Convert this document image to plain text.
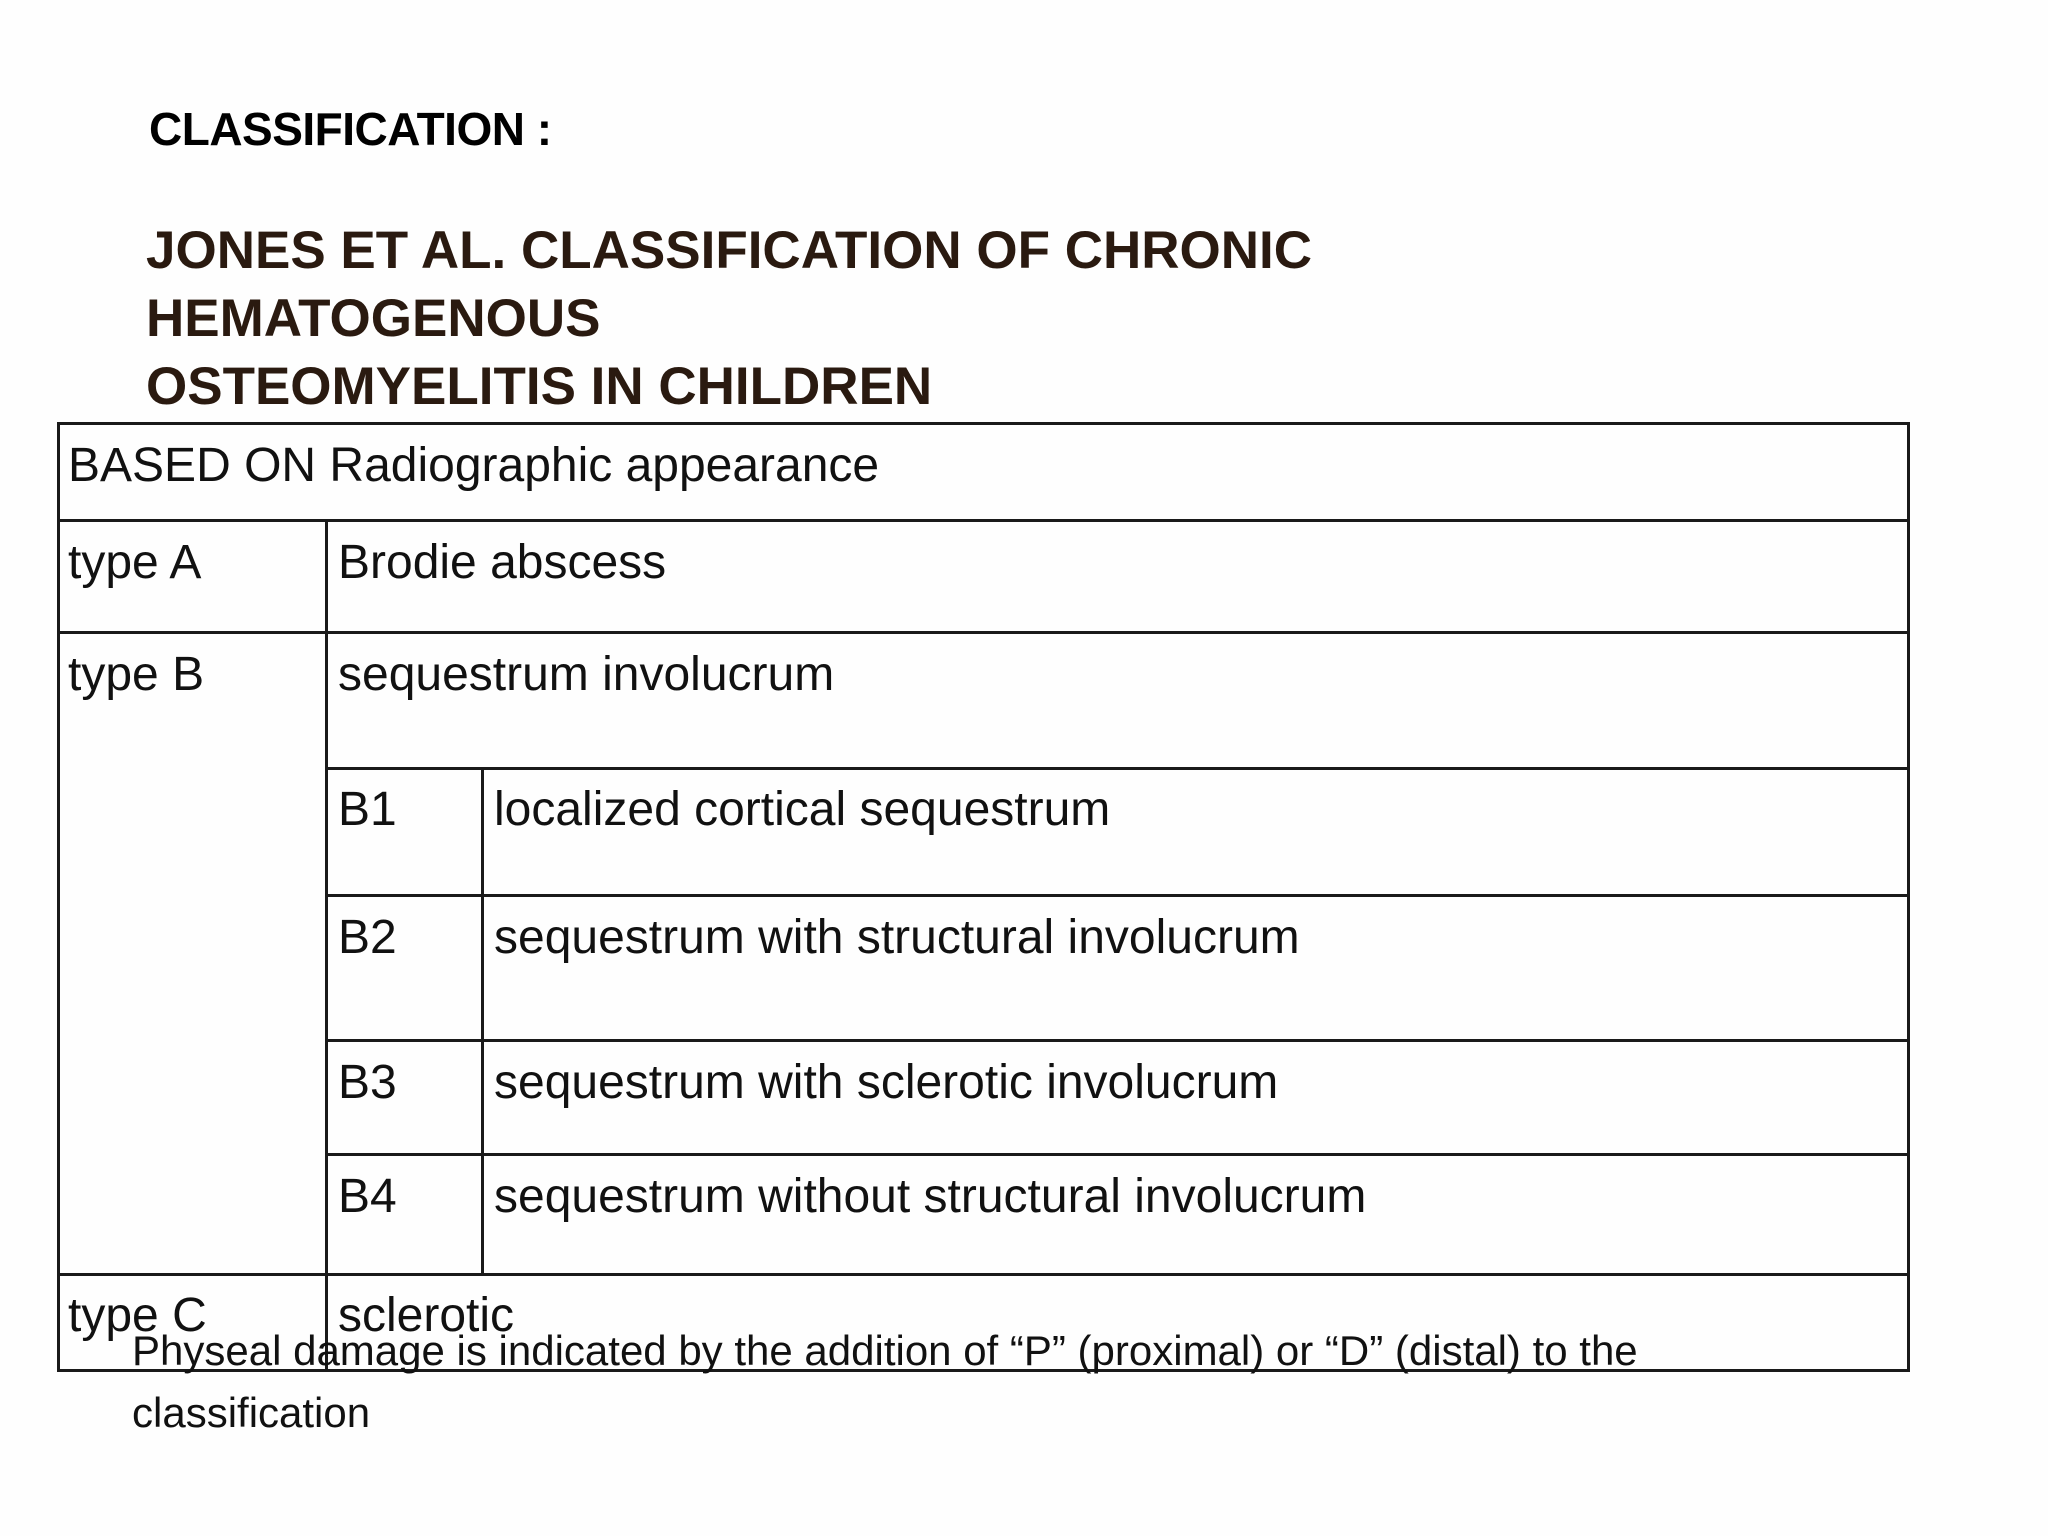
CLASSIFICATION :
JONES ET AL. CLASSIFICATION OF CHRONIC
HEMATOGENOUS
OSTEOMYELITIS IN CHILDREN
BASED ON Radiographic appearance
type A	Brodie abscess
type B	sequestrum involucrum
B1 localized cortical sequestrum
B2 sequestrum with structural involucrum
B3 sequestrum with sclerotic involucrum
B4 sequestrum without structural involucrum
type C	sclerotic

Physeal damage is indicated by the addition of “P” (proximal) or “D” (distal) to the
classification
